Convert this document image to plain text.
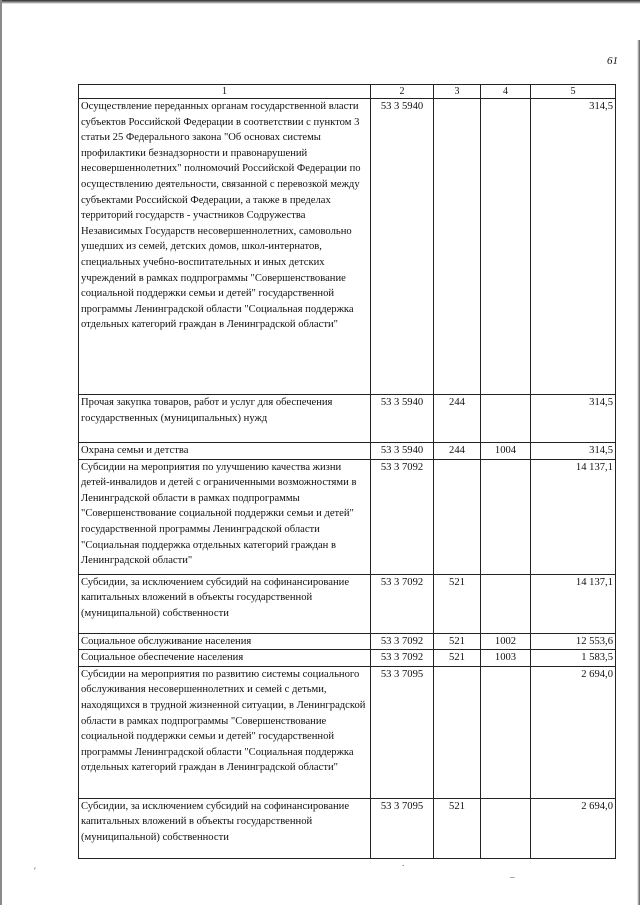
61
1	2	3	4	5
Осуществление переданных органам государственной власти субъектов Российской Федерации в соответствии с пунктом 3 статьи 25 Федерального закона "Об основах системы профилактики безнадзорности и правонарушений несовершеннолетних" полномочий Российской Федерации по осуществлению деятельности, связанной с перевозкой между субъектами Российской Федерации, а также в пределах территорий государств - участников Содружества Независимых Государств несовершеннолетних, самовольно ушедших из семей, детских домов, школ-интернатов, специальных учебно-воспитательных и иных детских учреждений в рамках подпрограммы "Совершенствование социальной поддержки семьи и детей" государственной программы Ленинградской области "Социальная поддержка отдельных категорий граждан в Ленинградской области"	53 3 5940			314,5
Прочая закупка товаров, работ и услуг для обеспечения государственных (муниципальных) нужд	53 3 5940	244		314,5
Охрана семьи и детства	53 3 5940	244	1004	314,5
Субсидии на мероприятия по улучшению качества жизни детей-инвалидов и детей с ограниченными возможностями в Ленинградской области в рамках подпрограммы "Совершенствование социальной поддержки семьи и детей" государственной программы Ленинградской области "Социальная поддержка отдельных категорий граждан в Ленинградской области"	53 3 7092			14 137,1
Субсидии, за исключением субсидий на софинансирование капитальных вложений в объекты государственной (муниципальной) собственности	53 3 7092	521		14 137,1
Социальное обслуживание населения	53 3 7092	521	1002	12 553,6
Социальное обеспечение населения	53 3 7092	521	1003	1 583,5
Субсидии на мероприятия по развитию системы социального обслуживания несовершеннолетних и семей с детьми, находящихся в трудной жизненной ситуации, в Ленинградской области в рамках подпрограммы "Совершенствование социальной поддержки семьи и детей" государственной программы Ленинградской области "Социальная поддержка отдельных категорий граждан в Ленинградской области"	53 3 7095			2 694,0
Субсидии, за исключением субсидий на софинансирование капитальных вложений в объекты государственной (муниципальной) собственности	53 3 7095	521		2 694,0
′
.
–
